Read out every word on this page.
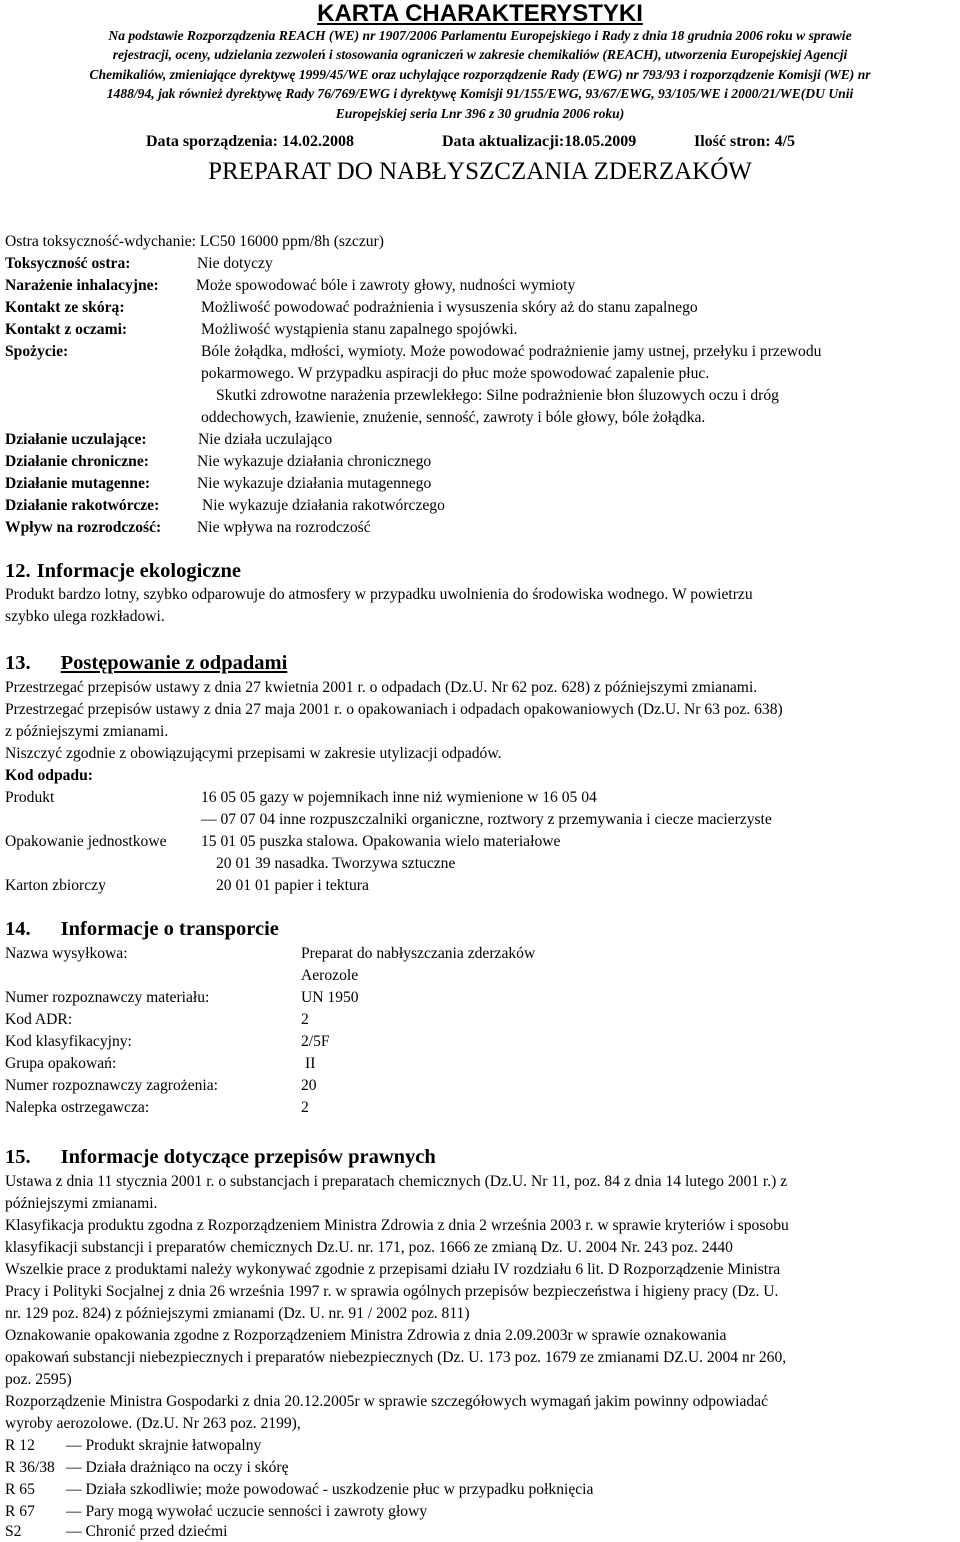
KARTA CHARAKTERYSTYKI
Na podstawie Rozporządzenia REACH (WE) nr 1907/2006 Parlamentu Europejskiego i Rady z dnia 18 grudnia 2006 roku w sprawie
rejestracji, oceny, udzielania zezwoleń i stosowania ograniczeń w zakresie chemikaliów (REACH), utworzenia Europejskiej Agencji
Chemikaliów, zmieniające dyrektywę 1999/45/WE oraz uchylające rozporządzenie Rady (EWG) nr 793/93 i rozporządzenie Komisji (WE) nr
1488/94, jak również dyrektywę Rady 76/769/EWG i dyrektywę Komisji 91/155/EWG, 93/67/EWG, 93/105/WE i 2000/21/WE(DU Unii
Europejskiej seria Lnr 396 z 30 grudnia 2006 roku)
Data sporządzenia: 14.02.2008	Data aktualizacji:18.05.2009	Ilość stron: 4/5
PREPARAT DO NABŁYSZCZANIA ZDERZAKÓW
Ostra toksyczność-wdychanie: LC50 16000 ppm/8h (szczur)
Toksyczność ostra:	Nie dotyczy
Narażenie inhalacyjne: Może spowodować bóle i zawroty głowy, nudności wymioty
Kontakt ze skórą:	Możliwość powodować podrażnienia i wysuszenia skóry aż do stanu zapalnego
Kontakt z oczami:	Możliwość wystąpienia stanu zapalnego spojówki.
Spożycie:	Bóle żołądka, mdłości, wymioty. Może powodować podrażnienie jamy ustnej, przełyku i przewodu
pokarmowego. W przypadku aspiracji do płuc może spowodować zapalenie płuc.
Skutki zdrowotne narażenia przewlekłego: Silne podrażnienie błon śluzowych oczu i dróg
oddechowych, łzawienie, znużenie, senność, zawroty i bóle głowy, bóle żołądka.
Działanie uczulające:	Nie działa uczulająco
Działanie chroniczne:	Nie wykazuje działania chronicznego
Działanie mutagenne:	Nie wykazuje działania mutagennego
Działanie rakotwórcze:	Nie wykazuje działania rakotwórczego
Wpływ na rozrodczość: Nie wpływa na rozrodczość
12. Informacje ekologiczne
Produkt bardzo lotny, szybko odparowuje do atmosfery w przypadku uwolnienia do środowiska wodnego. W powietrzu
szybko ulega rozkładowi.
13. Postępowanie z odpadami
Przestrzegać przepisów ustawy z dnia 27 kwietnia 2001 r. o odpadach (Dz.U. Nr 62 poz. 628) z późniejszymi zmianami.
Przestrzegać przepisów ustawy z dnia 27 maja 2001 r. o opakowaniach i odpadach opakowaniowych (Dz.U. Nr 63 poz. 638)
z późniejszymi zmianami.
Niszczyć zgodnie z obowiązującymi przepisami w zakresie utylizacji odpadów.
Kod odpadu:
Produkt	16 05 05 gazy w pojemnikach inne niż wymienione w 16 05 04
— 07 07 04 inne rozpuszczalniki organiczne, roztwory z przemywania i ciecze macierzyste
Opakowanie jednostkowe 15 01 05 puszka stalowa. Opakowania wielo materiałowe
20 01 39 nasadka. Tworzywa sztuczne
Karton zbiorczy	20 01 01 papier i tektura
14. Informacje o transporcie
Nazwa wysyłkowa:	Preparat do nabłyszczania zderzaków
Aerozole
Numer rozpoznawczy materiału:	UN 1950
Kod ADR:	2
Kod klasyfikacyjny:	2/5F
Grupa opakowań:	II
Numer rozpoznawczy zagrożenia:	20
Nalepka ostrzegawcza:	2
15. Informacje dotyczące przepisów prawnych
Ustawa z dnia 11 stycznia 2001 r. o substancjach i preparatach chemicznych (Dz.U. Nr 11, poz. 84 z dnia 14 lutego 2001 r.) z
późniejszymi zmianami.
Klasyfikacja produktu zgodna z Rozporządzeniem Ministra Zdrowia z dnia 2 września 2003 r. w sprawie kryteriów i sposobu
klasyfikacji substancji i preparatów chemicznych Dz.U. nr. 171, poz. 1666 ze zmianą Dz. U. 2004 Nr. 243 poz. 2440
Wszelkie prace z produktami należy wykonywać zgodnie z przepisami działu IV rozdziału 6 lit. D Rozporządzenie Ministra
Pracy i Polityki Socjalnej z dnia 26 września 1997 r. w sprawia ogólnych przepisów bezpieczeństwa i higieny pracy (Dz. U.
nr. 129 poz. 824) z późniejszymi zmianami (Dz. U. nr. 91 / 2002 poz. 811)
Oznakowanie opakowania zgodne z Rozporządzeniem Ministra Zdrowia z dnia 2.09.2003r w sprawie oznakowania
opakowań substancji niebezpiecznych i preparatów niebezpiecznych (Dz. U. 173 poz. 1679 ze zmianami DZ.U. 2004 nr 260,
poz. 2595)
Rozporządzenie Ministra Gospodarki z dnia 20.12.2005r w sprawie szczegółowych wymagań jakim powinny odpowiadać
wyroby aerozolowe. (Dz.U. Nr 263 poz. 2199),
R 12 — Produkt skrajnie łatwopalny
R 36/38 — Działa drażniąco na oczy i skórę
R 65 — Działa szkodliwie; może powodować - uszkodzenie płuc w przypadku połknięcia
R 67 — Pary mogą wywołać uczucie senności i zawroty głowy
S2	— Chronić przed dziećmi
